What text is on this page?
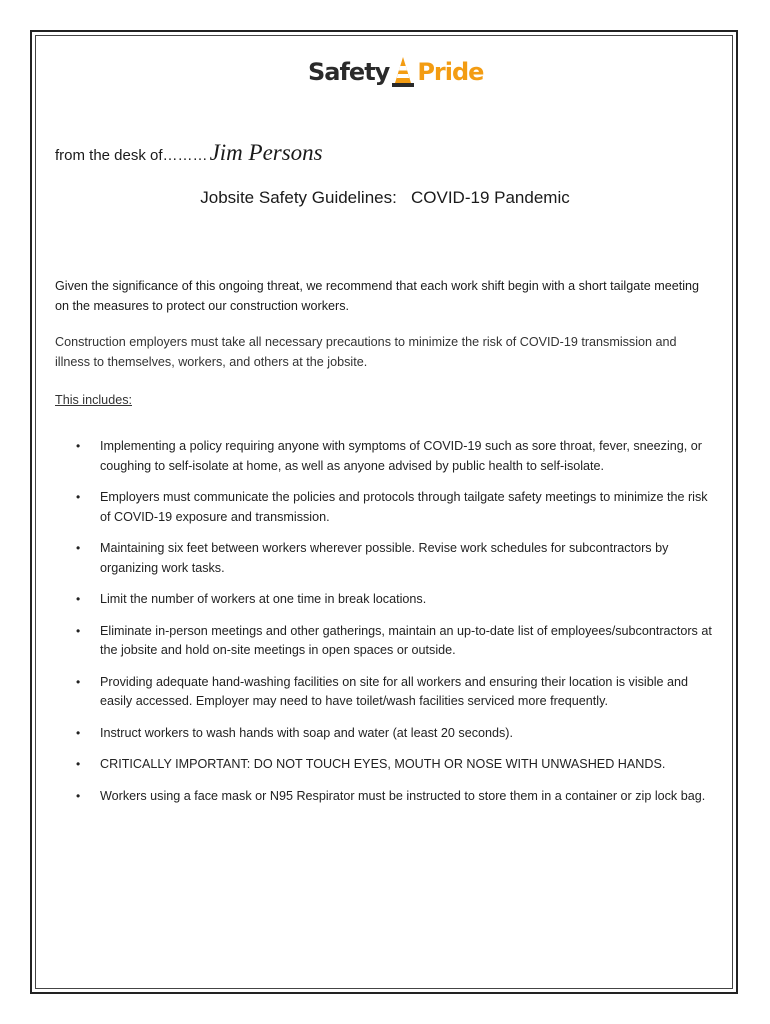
Safety Pride
from the desk of……… Jim Persons
Jobsite Safety Guidelines:   COVID-19 Pandemic
Given the significance of this ongoing threat, we recommend that each work shift begin with a short tailgate meeting on the measures to protect our construction workers.
Construction employers must take all necessary precautions to minimize the risk of COVID-19 transmission and illness to themselves, workers, and others at the jobsite.
This includes:
• Implementing a policy requiring anyone with symptoms of COVID-19 such as sore throat, fever, sneezing, or coughing to self-isolate at home, as well as anyone advised by public health to self-isolate.
• Employers must communicate the policies and protocols through tailgate safety meetings to minimize the risk of COVID-19 exposure and transmission.
• Maintaining six feet between workers wherever possible. Revise work schedules for subcontractors by organizing work tasks.
• Limit the number of workers at one time in break locations.
• Eliminate in-person meetings and other gatherings, maintain an up-to-date list of employees/subcontractors at the jobsite and hold on-site meetings in open spaces or outside.
• Providing adequate hand-washing facilities on site for all workers and ensuring their location is visible and easily accessed. Employer may need to have toilet/wash facilities serviced more frequently.
• Instruct workers to wash hands with soap and water (at least 20 seconds).
• CRITICALLY IMPORTANT: DO NOT TOUCH EYES, MOUTH OR NOSE WITH UNWASHED HANDS.
• Workers using a face mask or N95 Respirator must be instructed to store them in a container or zip lock bag.
